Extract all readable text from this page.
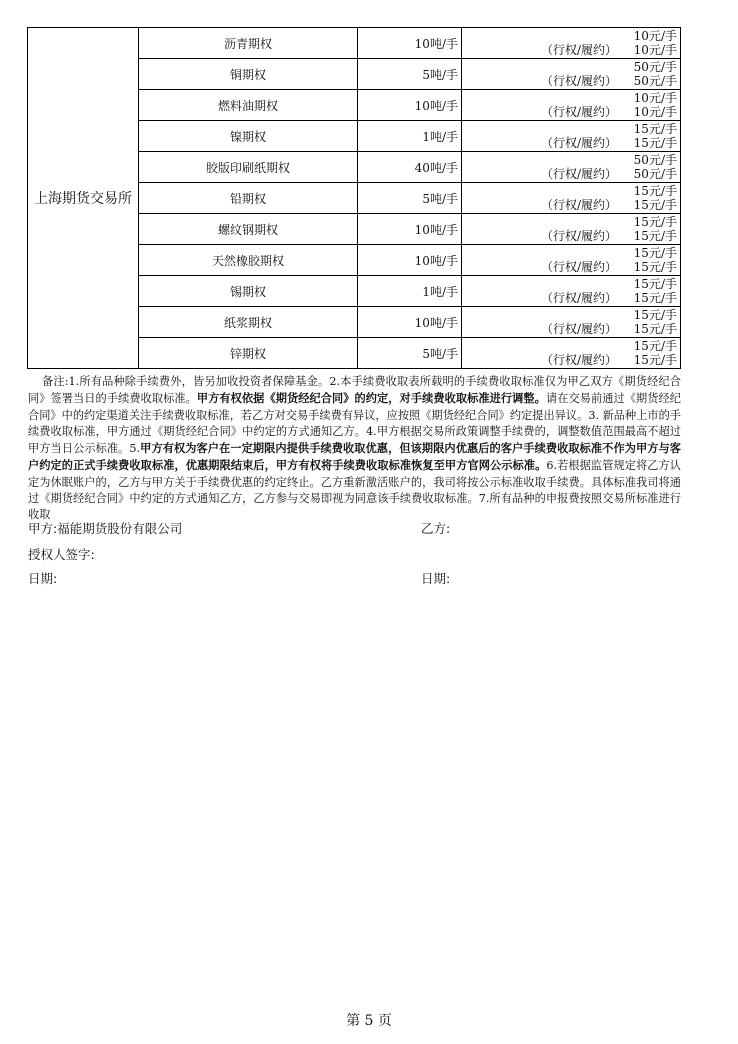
上海期货交易所	沥青期权	10吨/手	10元/手
（行权/履约） 10元/手

	铜期权	5吨/手	50元/手
（行权/履约） 50元/手

	燃料油期权	10吨/手	10元/手
（行权/履约） 10元/手

	镍期权	1吨/手	15元/手
（行权/履约） 15元/手

	胶版印刷纸期权	40吨/手	50元/手
（行权/履约） 50元/手

	铅期权	5吨/手	15元/手
（行权/履约） 15元/手

	螺纹钢期权	10吨/手	15元/手
（行权/履约） 15元/手

	天然橡胶期权	10吨/手	15元/手
（行权/履约） 15元/手

	锡期权	1吨/手	15元/手
（行权/履约） 15元/手

	纸浆期权	10吨/手	15元/手
（行权/履约） 15元/手

	锌期权	5吨/手	15元/手
（行权/履约） 15元/手
备注:1.所有品种除手续费外，皆另加收投资者保障基金。2.本手续费收取表所载明的手续费收取标准仅为甲乙双方《期货经纪合同》签署当日的手续费收取标准。甲方有权依据《期货经纪合同》的约定，对手续费收取标准进行调整。请在交易前通过《期货经纪合同》中的约定渠道关注手续费收取标准，若乙方对交易手续费有异议，应按照《期货经纪合同》约定提出异议。3. 新品种上市的手续费收取标准，甲方通过《期货经纪合同》中约定的方式通知乙方。4.甲方根据交易所政策调整手续费的，调整数值范围最高不超过甲方当日公示标准。5.甲方有权为客户在一定期限内提供手续费收取优惠，但该期限内优惠后的客户手续费收取标准不作为甲方与客户约定的正式手续费收取标准，优惠期限结束后，甲方有权将手续费收取标准恢复至甲方官网公示标准。6.若根据监管规定将乙方认定为休眠账户的，乙方与甲方关于手续费优惠的约定终止。乙方重新激活账户的，我司将按公示标准收取手续费。具体标准我司将通过《期货经纪合同》中约定的方式通知乙方，乙方参与交易即视为同意该手续费收取标准。7.所有品种的申报费按照交易所标准进行收取
甲方:福能期货股份有限公司	乙方:
授权人签字:
日期:	日期:
第 5 页
